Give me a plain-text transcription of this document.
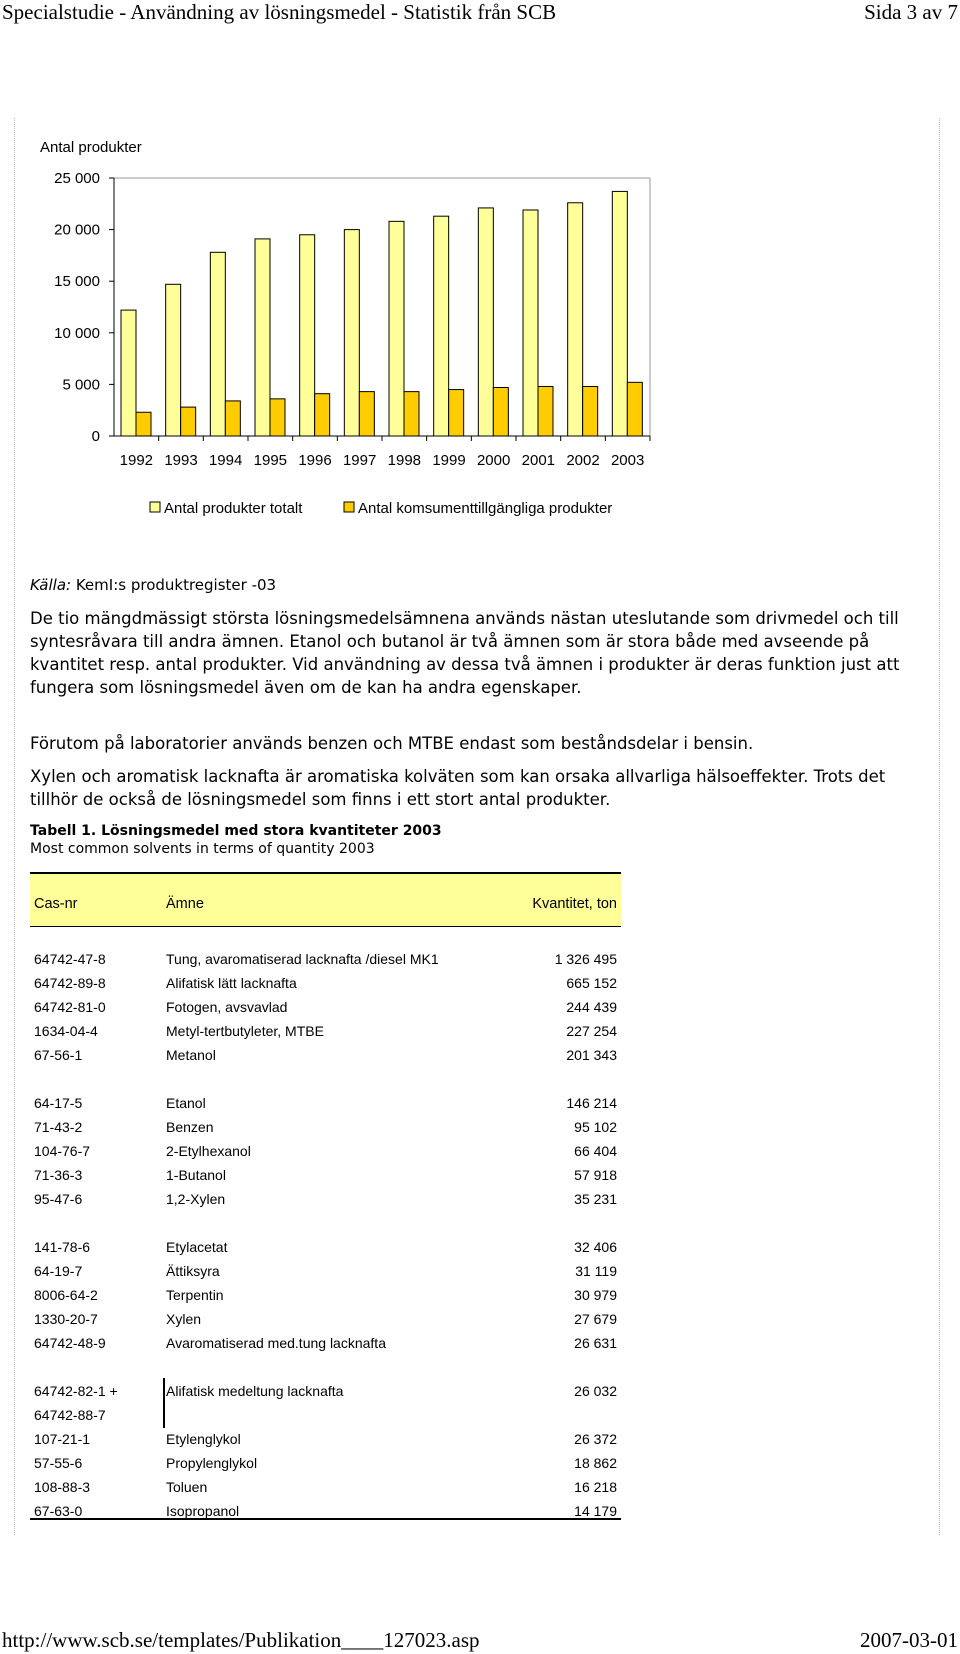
Specialstudie - Användning av lösningsmedel - Statistik från SCB	Sida 3 av 7
Antal produkter
0
5 000
10 000
15 000
20 000
25 000
1992 1993 1994 1995 1996 1997 1998 1999 2000 2001 2002 2003
Antal produkter totalt	Antal komsumenttillgängliga produkter
Källa: KemI:s produktregister -03
De tio mängdmässigt största lösningsmedelsämnena används nästan uteslutande som drivmedel och till syntesråvara till andra ämnen. Etanol och butanol är två ämnen som är stora både med avseende på kvantitet resp. antal produkter. Vid användning av dessa två ämnen i produkter är deras funktion just att fungera som lösningsmedel även om de kan ha andra egenskaper.
Förutom på laboratorier används benzen och MTBE endast som beståndsdelar i bensin.
Xylen och aromatisk lacknafta är aromatiska kolväten som kan orsaka allvarliga hälsoeffekter. Trots det tillhör de också de lösningsmedel som finns i ett stort antal produkter.
Tabell 1. Lösningsmedel med stora kvantiteter 2003
Most common solvents in terms of quantity 2003
Cas-nr	Ämne	Kvantitet, ton
64742-47-8	Tung, avaromatiserad lacknafta /diesel MK1	1 326 495
64742-89-8	Alifatisk lätt lacknafta	665 152
64742-81-0	Fotogen, avsvavlad	244 439
1634-04-4	Metyl-tertbutyleter, MTBE	227 254
67-56-1	Metanol	201 343
64-17-5	Etanol	146 214
71-43-2	Benzen	95 102
104-76-7	2-Etylhexanol	66 404
71-36-3	1-Butanol	57 918
95-47-6	1,2-Xylen	35 231
141-78-6	Etylacetat	32 406
64-19-7	Ättiksyra	31 119
8006-64-2	Terpentin	30 979
1330-20-7	Xylen	27 679
64742-48-9	Avaromatiserad med.tung lacknafta	26 631
64742-82-1 +	Alifatisk medeltung lacknafta	26 032
64742-88-7
107-21-1	Etylenglykol	26 372
57-55-6	Propylenglykol	18 862
108-88-3	Toluen	16 218
67-63-0	Isopropanol	14 179
http://www.scb.se/templates/Publikation____127023.asp	2007-03-01
